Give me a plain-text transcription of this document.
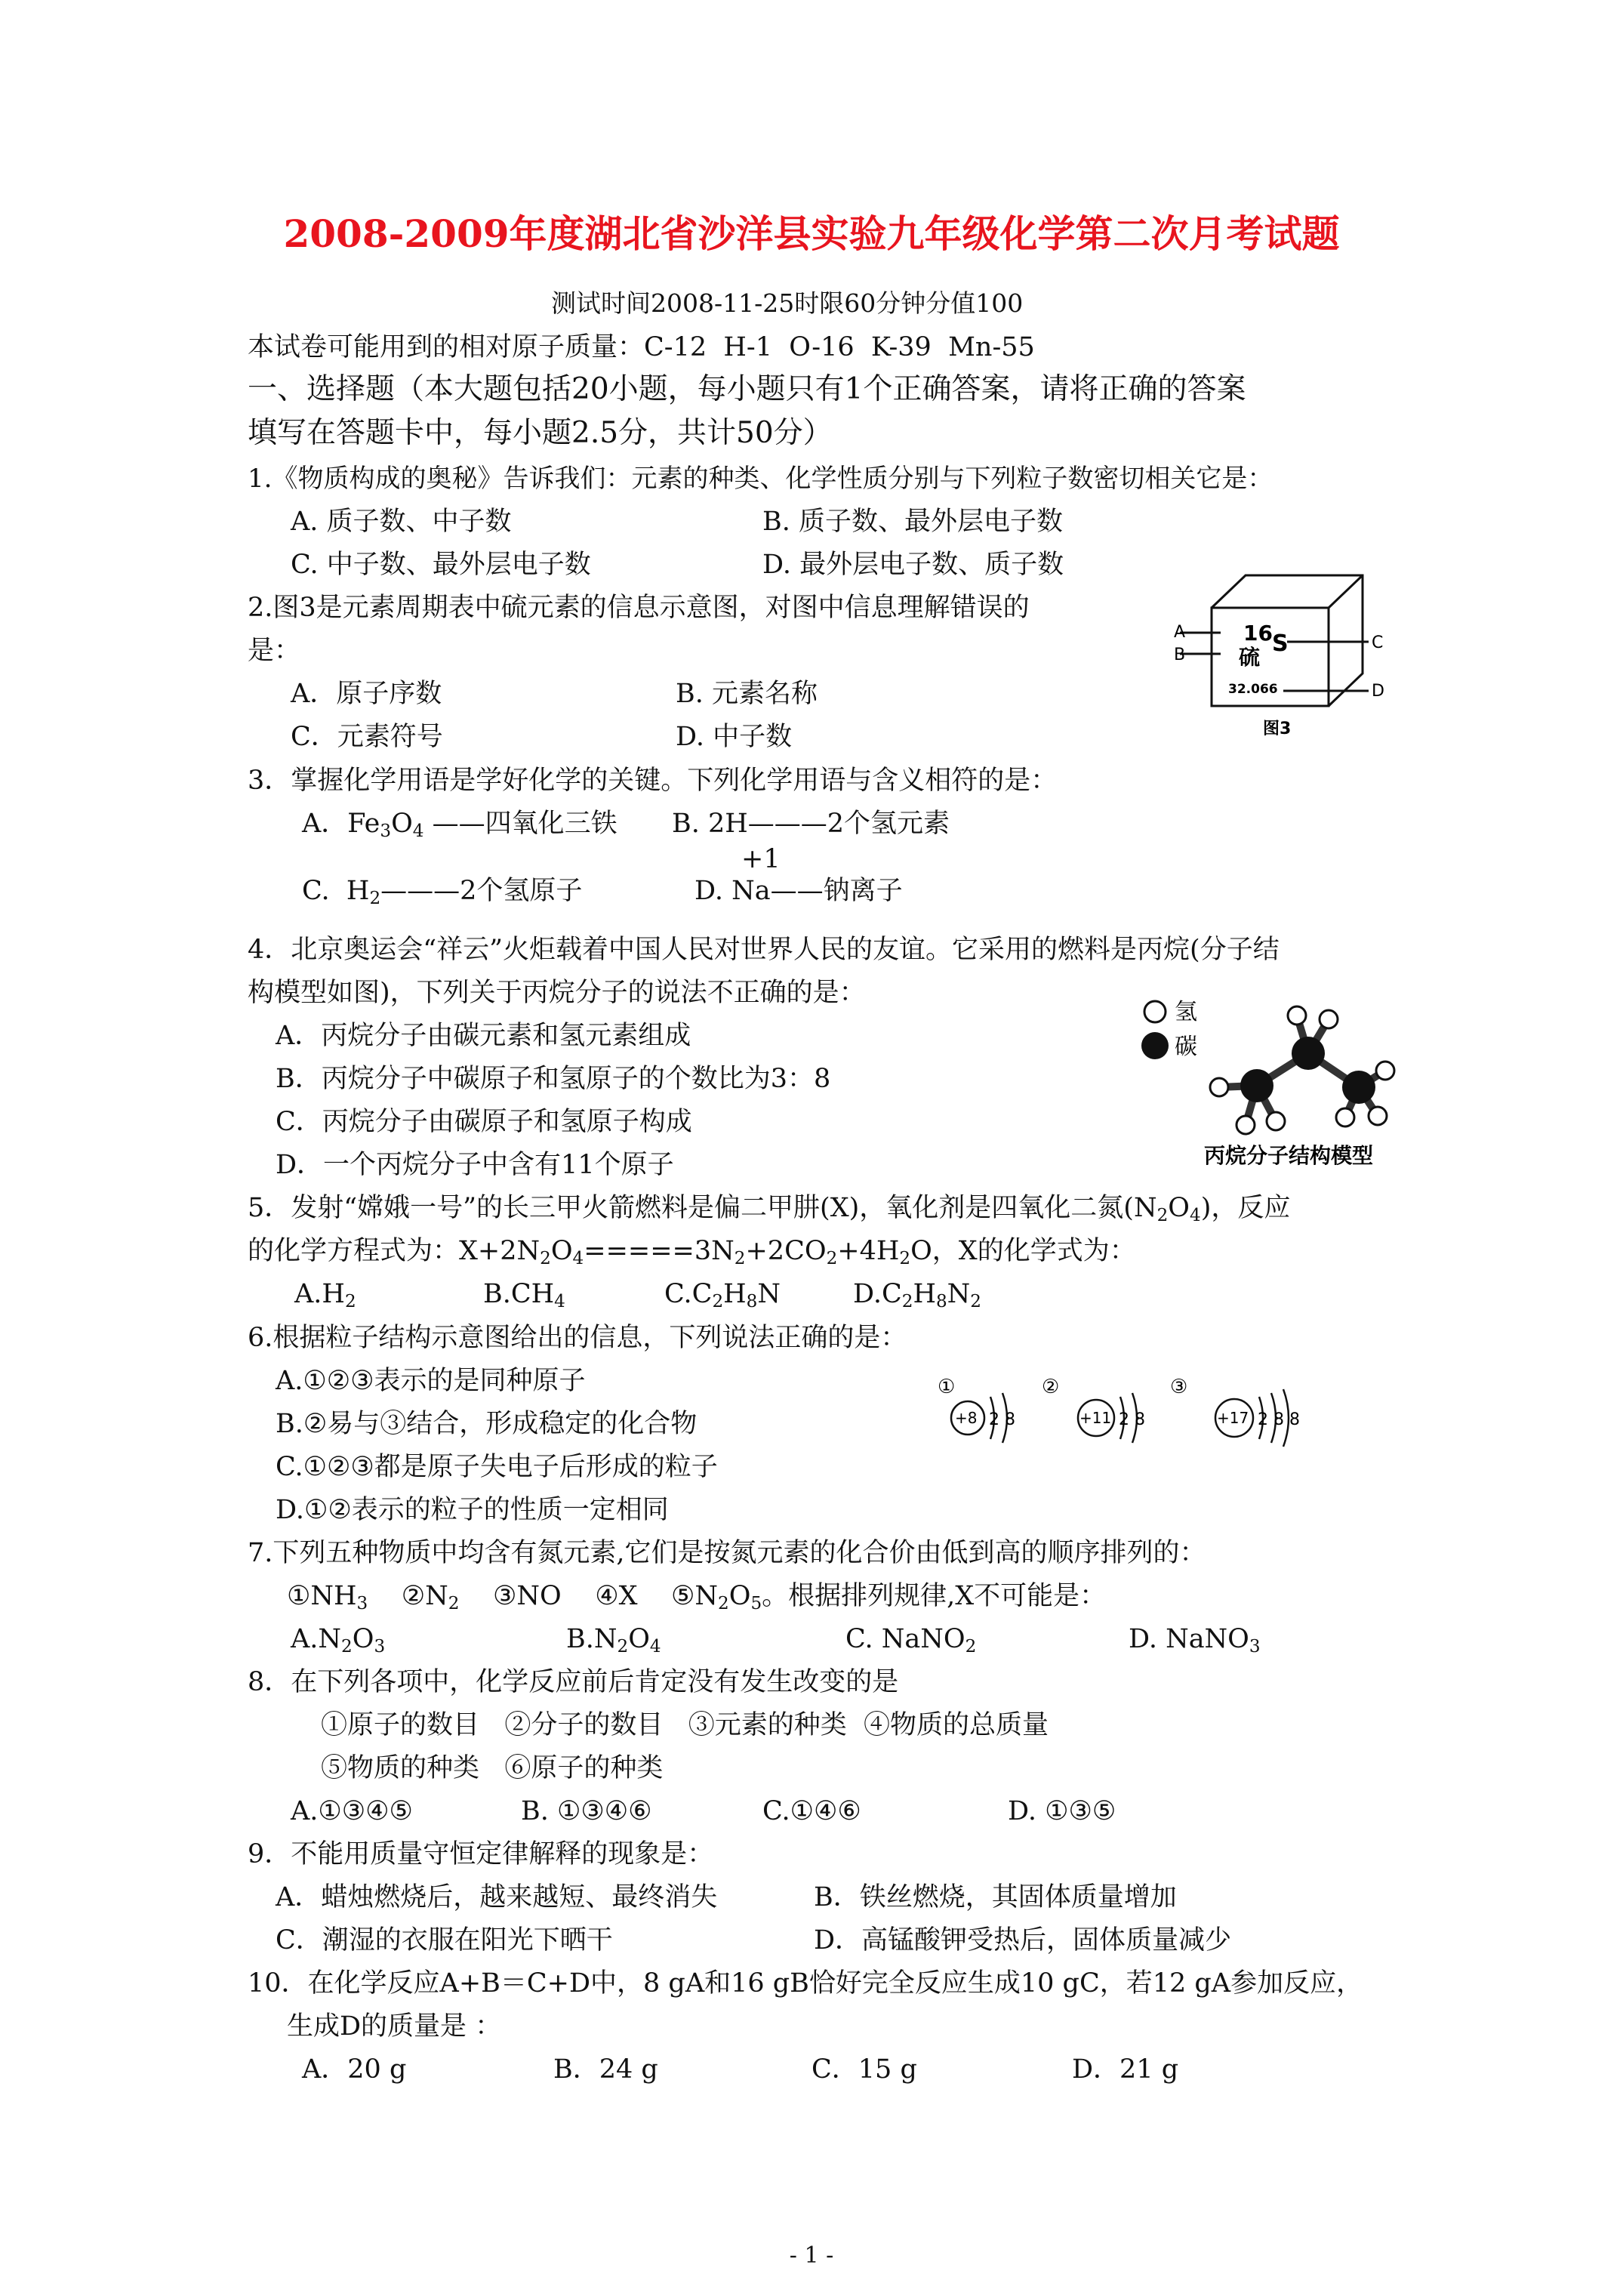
2008-2009年度湖北省沙洋县实验九年级化学第二次月考试题
测试时间2008-11-25时限60分钟分值100
本试卷可能用到的相对原子质量：C-12  H-1  O-16  K-39  Mn-55
一、选择题（本大题包括20小题，每小题只有1个正确答案，请将正确的答案
填写在答题卡中，每小题2.5分，共计50分）
1.《物质构成的奥秘》告诉我们：元素的种类、化学性质分别与下列粒子数密切相关它是：
A. 质子数、中子数	B. 质子数、最外层电子数
C. 中子数、最外层电子数	D. 最外层电子数、质子数
2.图3是元素周期表中硫元素的信息示意图，对图中信息理解错误的
是：
A．原子序数	B. 元素名称
C．元素符号	D. 中子数
16
硫
S
32.066
A
B
C
D
图3
3．掌握化学用语是学好化学的关键。下列化学用语与含义相符的是：
A．$Fe_3O_4$ ——四氧化三铁 B. 2H———2个氢元素
C.  $H_2———2$个氢原子
+1
D. Na——钠离子
4．北京奥运会“祥云”火炬载着中国人民对世界人民的友谊。它采用的燃料是丙烷(分子结
构模型如图)，下列关于丙烷分子的说法不正确的是：
A．丙烷分子由碳元素和氢元素组成
B．丙烷分子中碳原子和氢原子的个数比为3：8
C．丙烷分子由碳原子和氢原子构成
D．一个丙烷分子中含有11个原子
氢
碳
丙烷分子结构模型
5．发射“嫦娥一号”的长三甲火箭燃料是偏二甲肼(X)，氧化剂是四氧化二氮$(N_2O_4)$，反应
的化学方程式为：$X+2N_2O_4=====3N_2+2CO_2+4H_2O$，X的化学式为：
$A.H_2$	$B.CH_4$	$C.C_2H_8N$	$D.C_2H_8N_2$
6.根据粒子结构示意图给出的信息，下列说法正确的是：
A.①②③表示的是同种原子
B.②易与③结合，形成稳定的化合物
C.①②③都是原子失电子后形成的粒子
D.①②表示的粒子的性质一定相同
①	②	③
+8	+11	+17
2 8	2 8	2 8 8
7.下列五种物质中均含有氮元素,它们是按氮元素的化合价由低到高的顺序排列的：
$①NH_3$ $②N_2$ ③NO ④X $⑤N_2O_5$。根据排列规律,X不可能是：
$A.N_2O_3$	$B.N_2O_4$	C. NaNO$_2$	D. NaNO$_3$
8．在下列各项中，化学反应前后肯定没有发生改变的是
①原子的数目   ②分子的数目   ③元素的种类  ④物质的总质量
⑤物质的种类   ⑥原子的种类
A.①③④⑤	B. ①③④⑥	C.①④⑥	D. ①③⑤
9．不能用质量守恒定律解释的现象是：
A．蜡烛燃烧后，越来越短、最终消失	B．铁丝燃烧，其固体质量增加
C．潮湿的衣服在阳光下晒干	D．高锰酸钾受热后，固体质量减少
10．在化学反应A+B＝C+D中，8 gA和16 gB恰好完全反应生成10 gC，若12 gA参加反应，
生成D的质量是 ：
A．20 g	B．24 g	C．15 g	D．21 g
- 1 -
